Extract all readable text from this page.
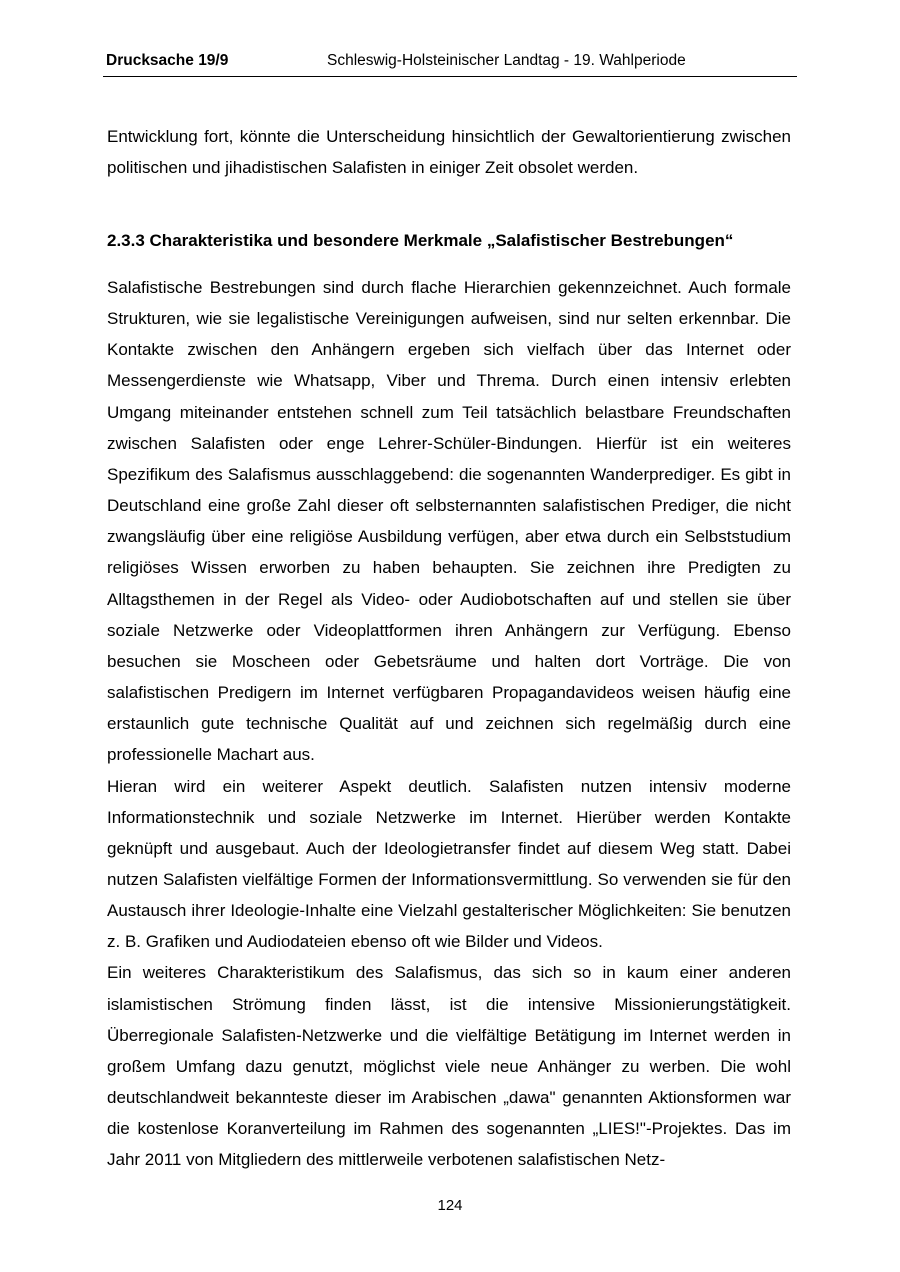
Drucksache 19/9	Schleswig-Holsteinischer Landtag - 19. Wahlperiode

Entwicklung fort, könnte die Unterscheidung hinsichtlich der Gewaltorientierung zwischen politischen und jihadistischen Salafisten in einiger Zeit obsolet werden.

2.3.3 Charakteristika und besondere Merkmale „Salafistischer Bestrebungen“
Salafistische Bestrebungen sind durch flache Hierarchien gekennzeichnet. Auch formale Strukturen, wie sie legalistische Vereinigungen aufweisen, sind nur selten erkennbar. Die Kontakte zwischen den Anhängern ergeben sich vielfach über das Internet oder Messengerdienste wie Whatsapp, Viber und Threma. Durch einen intensiv erlebten Umgang miteinander entstehen schnell zum Teil tatsächlich belastbare Freundschaften zwischen Salafisten oder enge Lehrer-Schüler-Bindungen. Hierfür ist ein weiteres Spezifikum des Salafismus ausschlaggebend: die sogenannten Wanderprediger. Es gibt in Deutschland eine große Zahl dieser oft selbsternannten salafistischen Prediger, die nicht zwangsläufig über eine religiöse Ausbildung verfügen, aber etwa durch ein Selbststudium religiöses Wissen erworben zu haben behaupten. Sie zeichnen ihre Predigten zu Alltagsthemen in der Regel als Video- oder Audiobotschaften auf und stellen sie über soziale Netzwerke oder Videoplattformen ihren Anhängern zur Verfügung. Ebenso besuchen sie Moscheen oder Gebetsräume und halten dort Vorträge. Die von salafistischen Predigern im Internet verfügbaren Propagandavideos weisen häufig eine erstaunlich gute technische Qualität auf und zeichnen sich regelmäßig durch eine professionelle Machart aus.
Hieran wird ein weiterer Aspekt deutlich. Salafisten nutzen intensiv moderne Informationstechnik und soziale Netzwerke im Internet. Hierüber werden Kontakte geknüpft und ausgebaut. Auch der Ideologietransfer findet auf diesem Weg statt. Dabei nutzen Salafisten vielfältige Formen der Informationsvermittlung. So verwenden sie für den Austausch ihrer Ideologie-Inhalte eine Vielzahl gestalterischer Möglichkeiten: Sie benutzen z. B. Grafiken und Audiodateien ebenso oft wie Bilder und Videos.
Ein weiteres Charakteristikum des Salafismus, das sich so in kaum einer anderen islamistischen Strömung finden lässt, ist die intensive Missionierungstätigkeit. Überregionale Salafisten-Netzwerke und die vielfältige Betätigung im Internet werden in großem Umfang dazu genutzt, möglichst viele neue Anhänger zu werben. Die wohl deutschlandweit bekannteste dieser im Arabischen „dawa" genannten Aktionsformen war die kostenlose Koranverteilung im Rahmen des sogenannten „LIES!"-Projektes. Das im Jahr 2011 von Mitgliedern des mittlerweile verbotenen salafistischen Netz-
124
